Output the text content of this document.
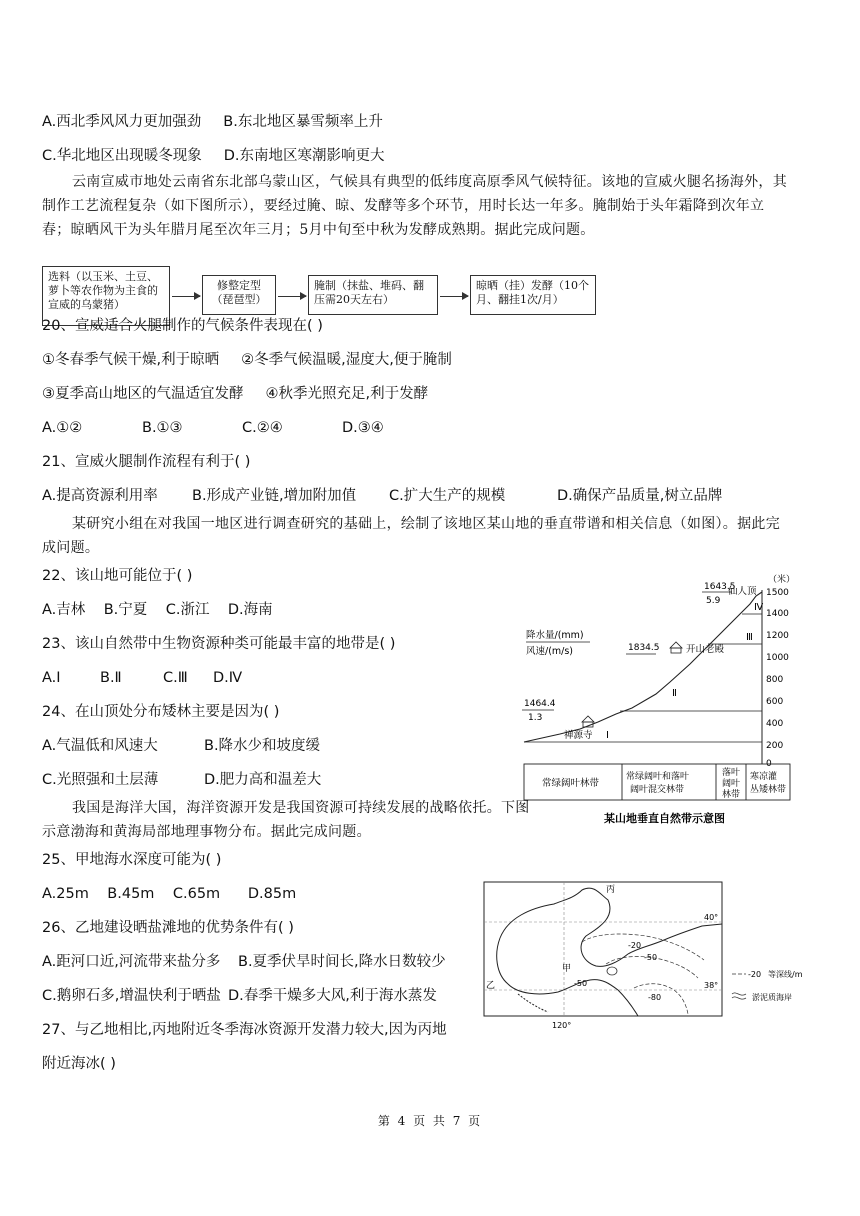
A.西北季风风力更加强劲 B.东北地区暴雪频率上升
C.华北地区出现暖冬现象 D.东南地区寒潮影响更大
云南宣威市地处云南省东北部乌蒙山区，气候具有典型的低纬度高原季风气候特征。该地的宣威火腿名扬海外，其制作工艺流程复杂（如下图所示），要经过腌、晾、发酵等多个环节，用时长达一年多。腌制始于头年霜降到次年立春；晾晒风干为头年腊月尾至次年三月；5月中旬至中秋为发酵成熟期。据此完成问题。
选料（以玉米、土豆、萝卜等农作物为主食的宣威的乌蒙猪）
修整定型（琵琶型）
腌制（抹盐、堆码、翻压需20天左右）
晾晒（挂）发酵（10个月、翻挂1次/月）
20、宣威适合火腿制作的气候条件表现在( )
①冬春季气候干燥,利于晾晒 ②冬季气候温暖,湿度大,便于腌制
③夏季高山地区的气温适宜发酵 ④秋季光照充足,利于发酵
A.①②	B.①③	C.②④	D.③④
21、宣威火腿制作流程有利于( )
A.提高资源利用率 B.形成产业链,增加附加值 C.扩大生产的规模	D.确保产品质量,树立品牌
某研究小组在对我国一地区进行调查研究的基础上，绘制了该地区某山地的垂直带谱和相关信息（如图）。据此完成问题。
22、该山地可能位于( )
A.吉林 B.宁夏 C.浙江 D.海南
23、该山自然带中生物资源种类可能最丰富的地带是( )
A.Ⅰ	B.Ⅱ	C.Ⅲ D.Ⅳ
24、在山顶处分布矮林主要是因为( )
A.气温低和风速大	B.降水少和坡度缓
C.光照强和土层薄	D.肥力高和温差大
（米）
1500
1400
1200
1000
800
600
400
200
0
降水量/(mm)
风速/(m/s)
1643.5
5.9
仙人顶
1834.5	开山老殿
1464.4
1.3
禅源寺 Ⅰ
Ⅱ
Ⅲ
Ⅳ
常绿阔叶林带
常绿阔叶和落叶
阔叶混交林带
落叶
阔叶
林带
寒凉灌
丛矮林带
某山地垂直自然带示意图
我国是海洋大国，海洋资源开发是我国资源可持续发展的战略依托。下图示意渤海和黄海局部地理事物分布。据此完成问题。
25、甲地海水深度可能为( )
A.25m B.45m C.65m D.85m
26、乙地建设晒盐滩地的优势条件有( )
A.距河口近,河流带来盐分多 B.夏季伏旱时间长,降水日数较少
C.鹅卵石多,增温快利于晒盐 D.春季干燥多大风,利于海水蒸发
27、与乙地相比,丙地附近冬季海冰资源开发潜力较大,因为丙地
附近海冰( )
丙
甲
乙
40°
38°
120°
-20
-50
-50
-80
-20 等深线/m
淤泥质海岸
第 4 页 共 7 页
